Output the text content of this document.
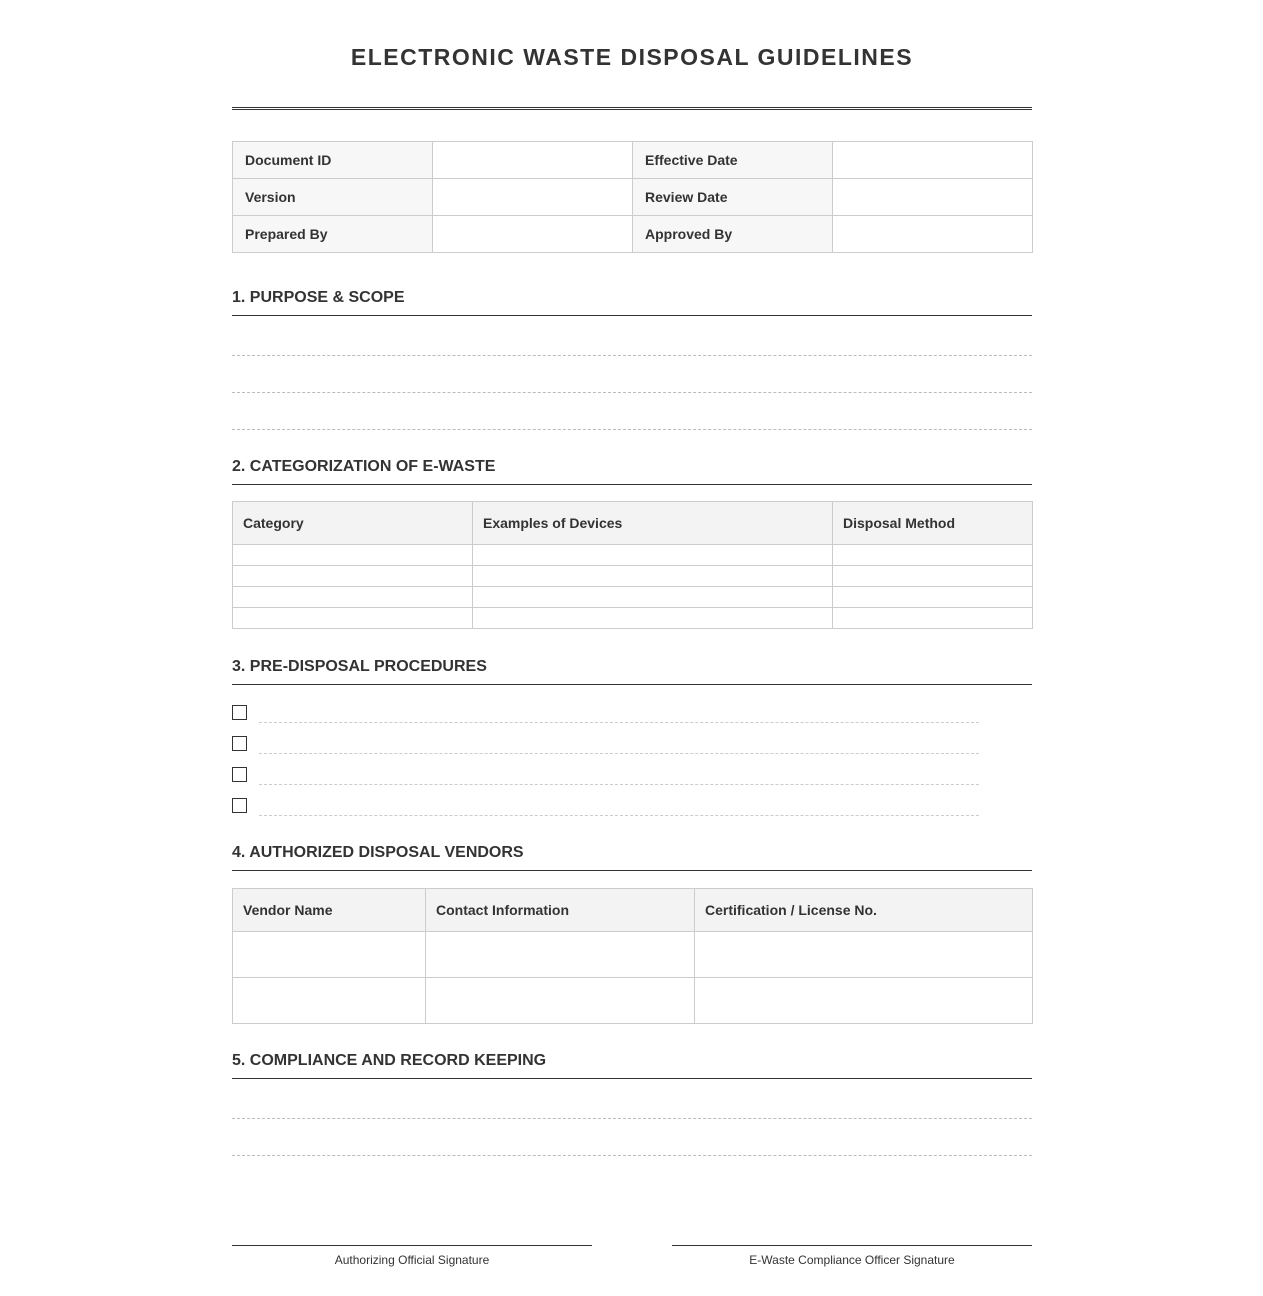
ELECTRONIC WASTE DISPOSAL GUIDELINES
Document ID		Effective Date	
Version		Review Date	
Prepared By		Approved By	
1. PURPOSE & SCOPE
2. CATEGORIZATION OF E-WASTE
Category	Examples of Devices	Disposal Method

3. PRE-DISPOSAL PROCEDURES
4. AUTHORIZED DISPOSAL VENDORS
Vendor Name	Contact Information	Certification / License No.

5. COMPLIANCE AND RECORD KEEPING
Authorizing Official Signature	E-Waste Compliance Officer Signature
